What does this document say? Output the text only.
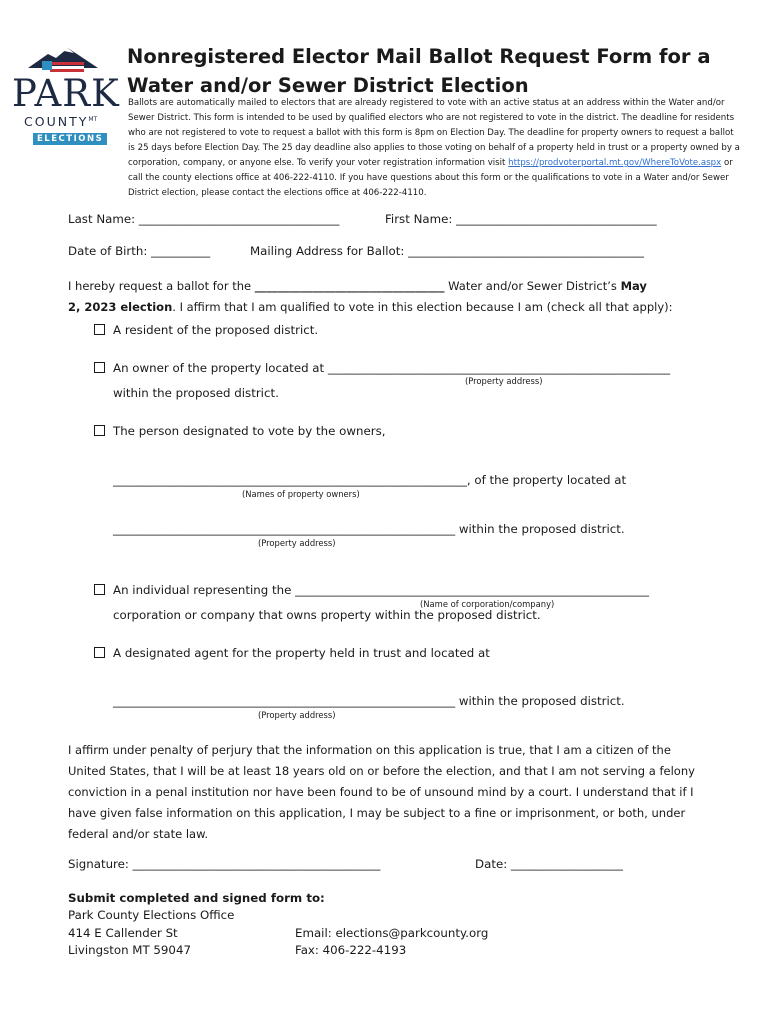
PARK
$COUNTY^{MT}$
ELECTIONS
Nonregistered Elector Mail Ballot Request Form for a
Water and/or Sewer District Election
Ballots are automatically mailed to electors that are already registered to vote with an active status at an address within the Water and/or Sewer District. This form is intended to be used by qualified electors who are not registered to vote in the district. The deadline for residents who are not registered to vote to request a ballot with this form is 8pm on Election Day. The deadline for property owners to request a ballot is 25 days before Election Day. The 25 day deadline also applies to those voting on behalf of a property held in trust or a property owned by a corporation, company, or anyone else. To verify your voter registration information visit https://prodvoterportal.mt.gov/WhereToVote.aspx or call the county elections office at 406-222-4110. If you have questions about this form or the qualifications to vote in a Water and/or Sewer District election, please contact the elections office at 406-222-4110.
Last Name: __________________________________	First Name: __________________________________
Date of Birth: __________	Mailing Address for Ballot: ________________________________________
I hereby request a ballot for the _________________________________ Water and/or Sewer District’s May
2, 2023 election. I affirm that I am qualified to vote in this election because I am (check all that apply):
A resident of the proposed district.
An owner of the property located at __________________________________________________________
(Property address)
within the proposed district.
The person designated to vote by the owners,
____________________________________________________________, of the property located at
(Names of property owners)
__________________________________________________________ within the proposed district.
(Property address)
An individual representing the ____________________________________________________________
(Name of corporation/company)
corporation or company that owns property within the proposed district.
A designated agent for the property held in trust and located at
__________________________________________________________ within the proposed district.
(Property address)
I affirm under penalty of perjury that the information on this application is true, that I am a citizen of the United States, that I will be at least 18 years old on or before the election, and that I am not serving a felony conviction in a penal institution nor have been found to be of unsound mind by a court. I understand that if I have given false information on this application, I may be subject to a fine or imprisonment, or both, under federal and/or state law.
Signature: __________________________________________	Date: ___________________
Submit completed and signed form to:
Park County Elections Office
414 E Callender St
Livingston MT 59047
Email: elections@parkcounty.org
Fax: 406-222-4193
